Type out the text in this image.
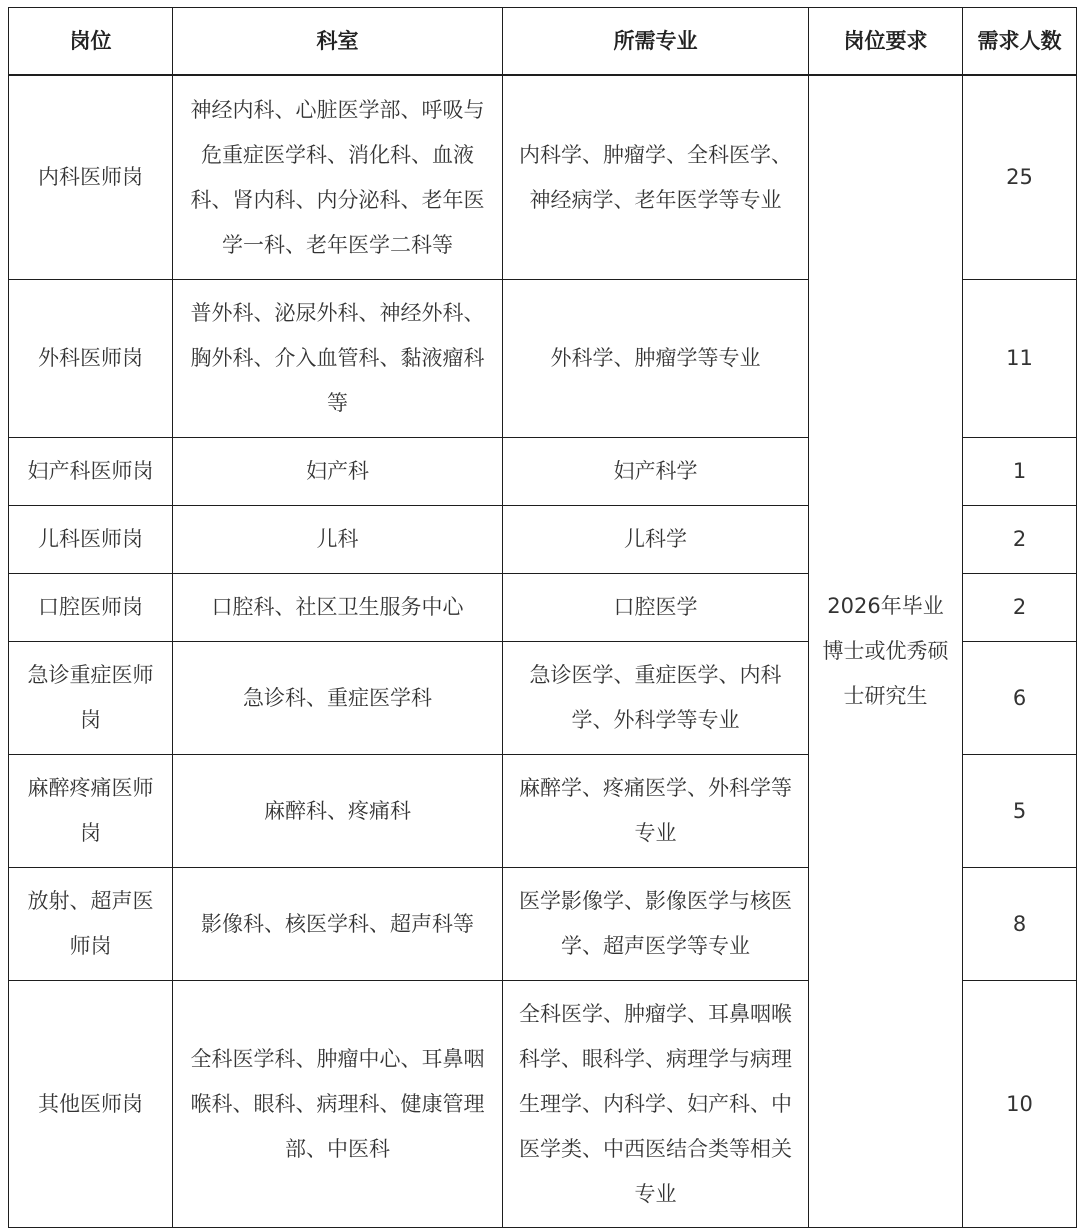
岗位	科室	所需专业	岗位要求	需求人数
内科医师岗	神经内科、心脏医学部、呼吸与危重症医学科、消化科、血液科、肾内科、内分泌科、老年医学一科、老年医学二科等	内科学、肿瘤学、全科医学、神经病学、老年医学等专业	2026年毕业博士或优秀硕士研究生	25
外科医师岗	普外科、泌尿外科、神经外科、胸外科、介入血管科、黏液瘤科等	外科学、肿瘤学等专业		11
妇产科医师岗	妇产科	妇产科学		1
儿科医师岗	儿科	儿科学		2
口腔医师岗	口腔科、社区卫生服务中心	口腔医学		2
急诊重症医师岗	急诊科、重症医学科	急诊医学、重症医学、内科学、外科学等专业		6
麻醉疼痛医师岗	麻醉科、疼痛科	麻醉学、疼痛医学、外科学等专业		5
放射、超声医师岗	影像科、核医学科、超声科等	医学影像学、影像医学与核医学、超声医学等专业		8
其他医师岗	全科医学科、肿瘤中心、耳鼻咽喉科、眼科、病理科、健康管理部、中医科	全科医学、肿瘤学、耳鼻咽喉科学、眼科学、病理学与病理生理学、内科学、妇产科、中医学类、中西医结合类等相关专业		10
